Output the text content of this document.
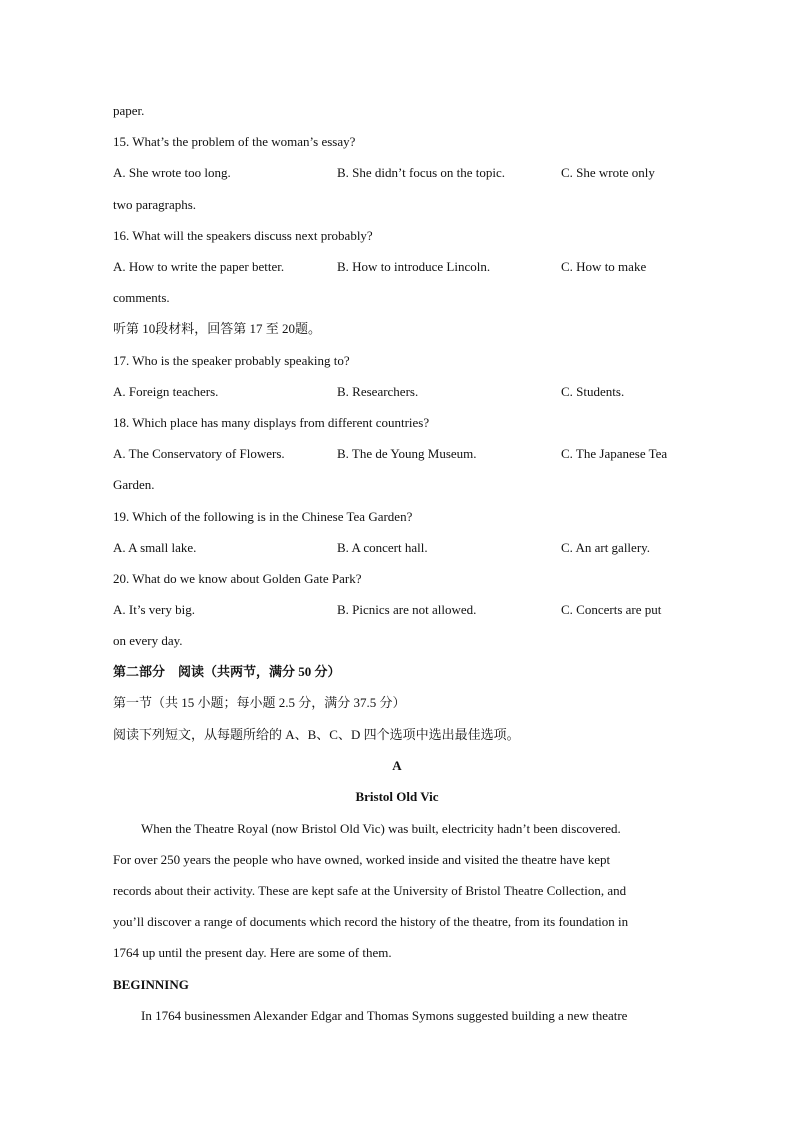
paper.
15. What’s the problem of the woman’s essay?
A. She wrote too long.	B. She didn’t focus on the topic.	C. She wrote only
two paragraphs.
16. What will the speakers discuss next probably?
A. How to write the paper better.	B. How to introduce Lincoln.	C. How to make
comments.
听第 10段材料，回答第 17 至 20题。
17. Who is the speaker probably speaking to?
A. Foreign teachers.	B. Researchers.	C. Students.
18. Which place has many displays from different countries?
A. The Conservatory of Flowers.	B. The de Young Museum.	C. The Japanese Tea
Garden.
19. Which of the following is in the Chinese Tea Garden?
A. A small lake.	B. A concert hall.	C. An art gallery.
20. What do we know about Golden Gate Park?
A. It’s very big.	B. Picnics are not allowed.	C. Concerts are put
on every day.
第二部分　阅读（共两节，满分 50 分）
第一节（共 15 小题；每小题 2.5 分，满分 37.5 分）
阅读下列短文，从每题所给的 A、B、C、D 四个选项中选出最佳选项。
A
Bristol Old Vic
When the Theatre Royal (now Bristol Old Vic) was built, electricity hadn’t been discovered.
For over 250 years the people who have owned, worked inside and visited the theatre have kept
records about their activity. These are kept safe at the University of Bristol Theatre Collection, and
you’ll discover a range of documents which record the history of the theatre, from its foundation in
1764 up until the present day. Here are some of them.
BEGINNING
In 1764 businessmen Alexander Edgar and Thomas Symons suggested building a new theatre
